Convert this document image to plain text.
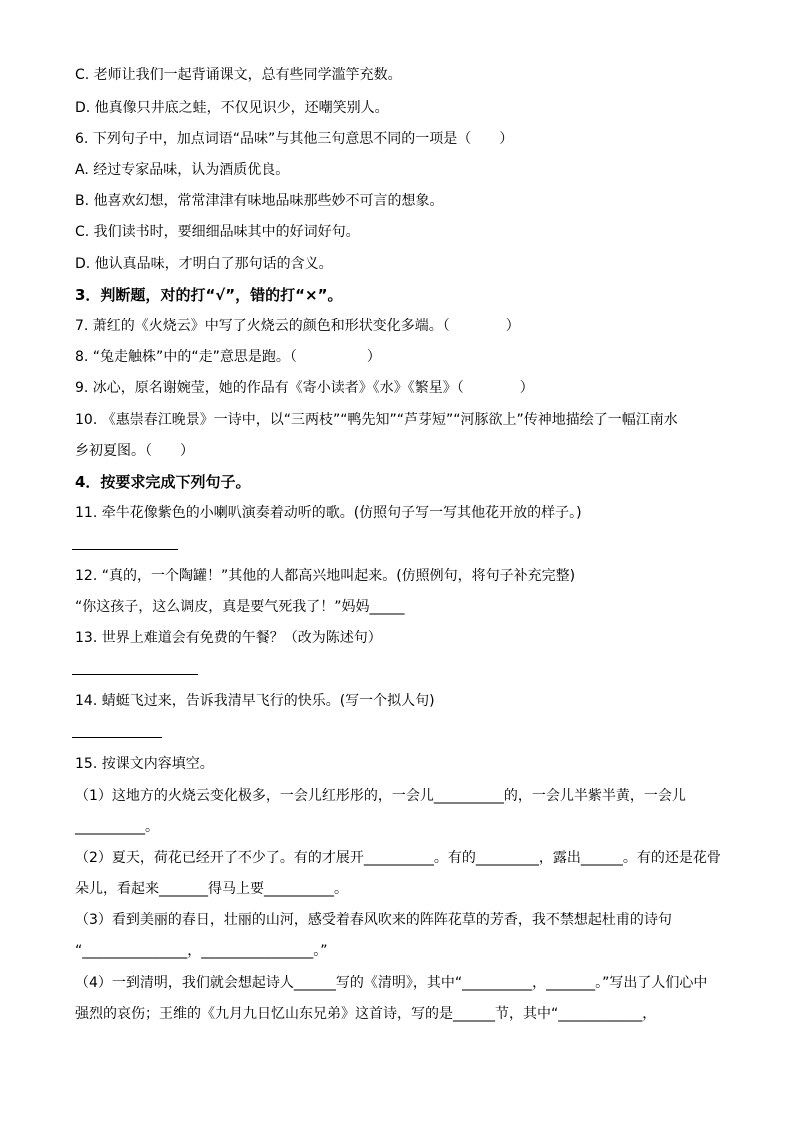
C. 老师让我们一起背诵课文，总有些同学滥竽充数。
D. 他真像只井底之蛙，不仅见识少，还嘲笑别人。
6. 下列句子中，加点词语“品味”与其他三句意思不同的一项是（　　）
A. 经过专家品味，认为酒质优良。
B. 他喜欢幻想，常常津津有味地品味那些妙不可言的想象。
C. 我们读书时，要细细品味其中的好词好句。
D. 他认真品味，才明白了那句话的含义。
3．判断题，对的打“√”，错的打“×”。
7. 萧红的《火烧云》中写了火烧云的颜色和形状变化多端。（　　　　）
8. “兔走触株”中的“走”意思是跑。（　　　　　）
9. 冰心，原名谢婉莹，她的作品有《寄小读者》《水》《繁星》（　　　　）
10. 《惠崇春江晚景》一诗中，以“三两枝”“鸭先知”“芦芽短”“河豚欲上”传神地描绘了一幅江南水
乡初夏图。（　　）
4．按要求完成下列句子。
11. 牵牛花像紫色的小喇叭演奏着动听的歌。(仿照句子写一写其他花开放的样子。)
12. “真的，一个陶罐！”其他的人都高兴地叫起来。(仿照例句，将句子补充完整)
“你这孩子，这么调皮，真是要气死我了！”妈妈_____
13. 世界上难道会有免费的午餐？（改为陈述句）
14. 蜻蜓飞过来，告诉我清早飞行的快乐。(写一个拟人句)
15. 按课文内容填空。
（1）这地方的火烧云变化极多，一会儿红彤彤的，一会儿__________的，一会儿半紫半黄，一会儿
__________。
（2）夏天，荷花已经开了不少了。有的才展开__________。有的_________，露出______。有的还是花骨
朵儿，看起来_______得马上要__________。
（3）看到美丽的春日，壮丽的山河，感受着春风吹来的阵阵花草的芳香，我不禁想起杜甫的诗句
“_______________，________________。”
（4）一到清明，我们就会想起诗人______写的《清明》，其中“__________，_______。”写出了人们心中
强烈的哀伤；王维的《九月九日忆山东兄弟》这首诗，写的是______节，其中“____________，
